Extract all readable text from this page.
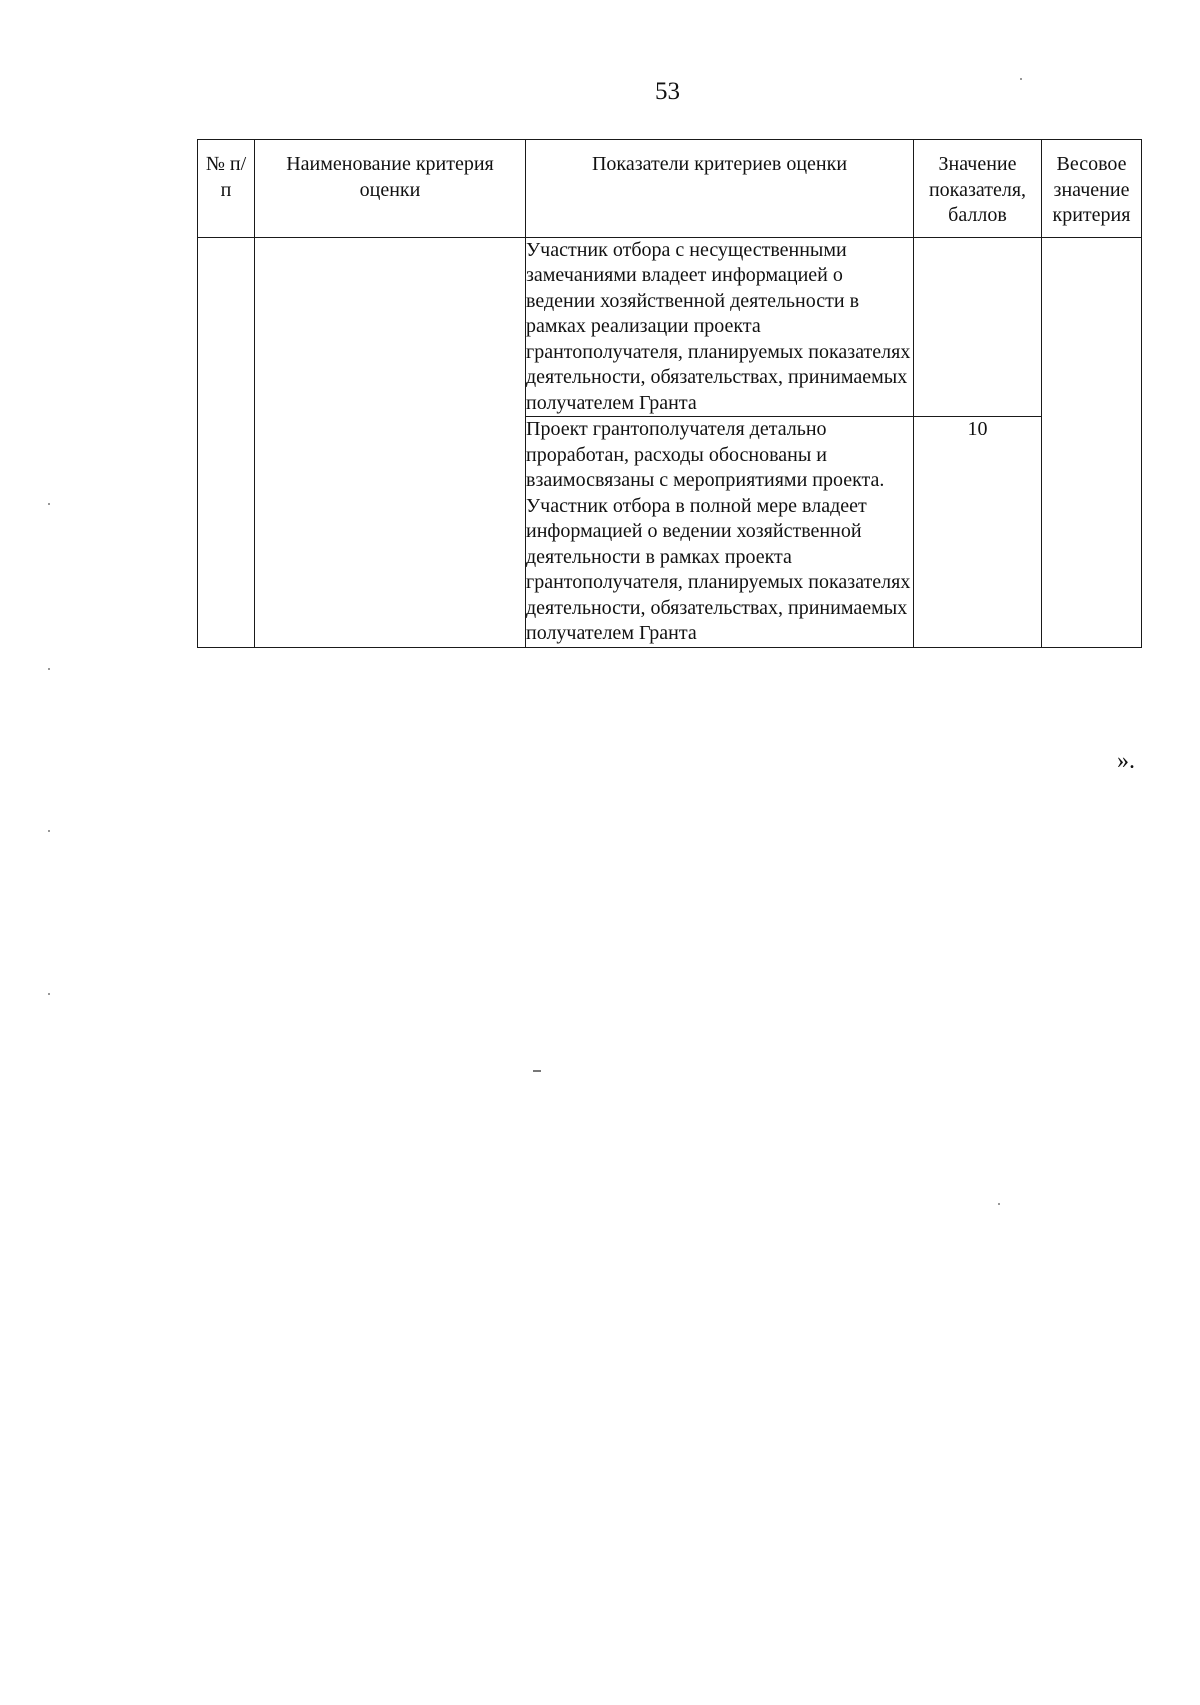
53
№ п/п	Наименование критерия оценки	Показатели критериев оценки	Значение показателя, баллов	Весовое значение критерия
		Участник отбора с несущественными замечаниями владеет информацией о ведении хозяйственной деятельности в рамках реализации проекта грантополучателя, планируемых показателях деятельности, обязательствах, принимаемых получателем Гранта		
		Проект грантополучателя детально проработан, расходы обоснованы и взаимосвязаны с мероприятиями проекта. Участник отбора в полной мере владеет информацией о ведении хозяйственной деятельности в рамках проекта грантополучателя, планируемых показателях деятельности, обязательствах, принимаемых получателем Гранта	10	
».
